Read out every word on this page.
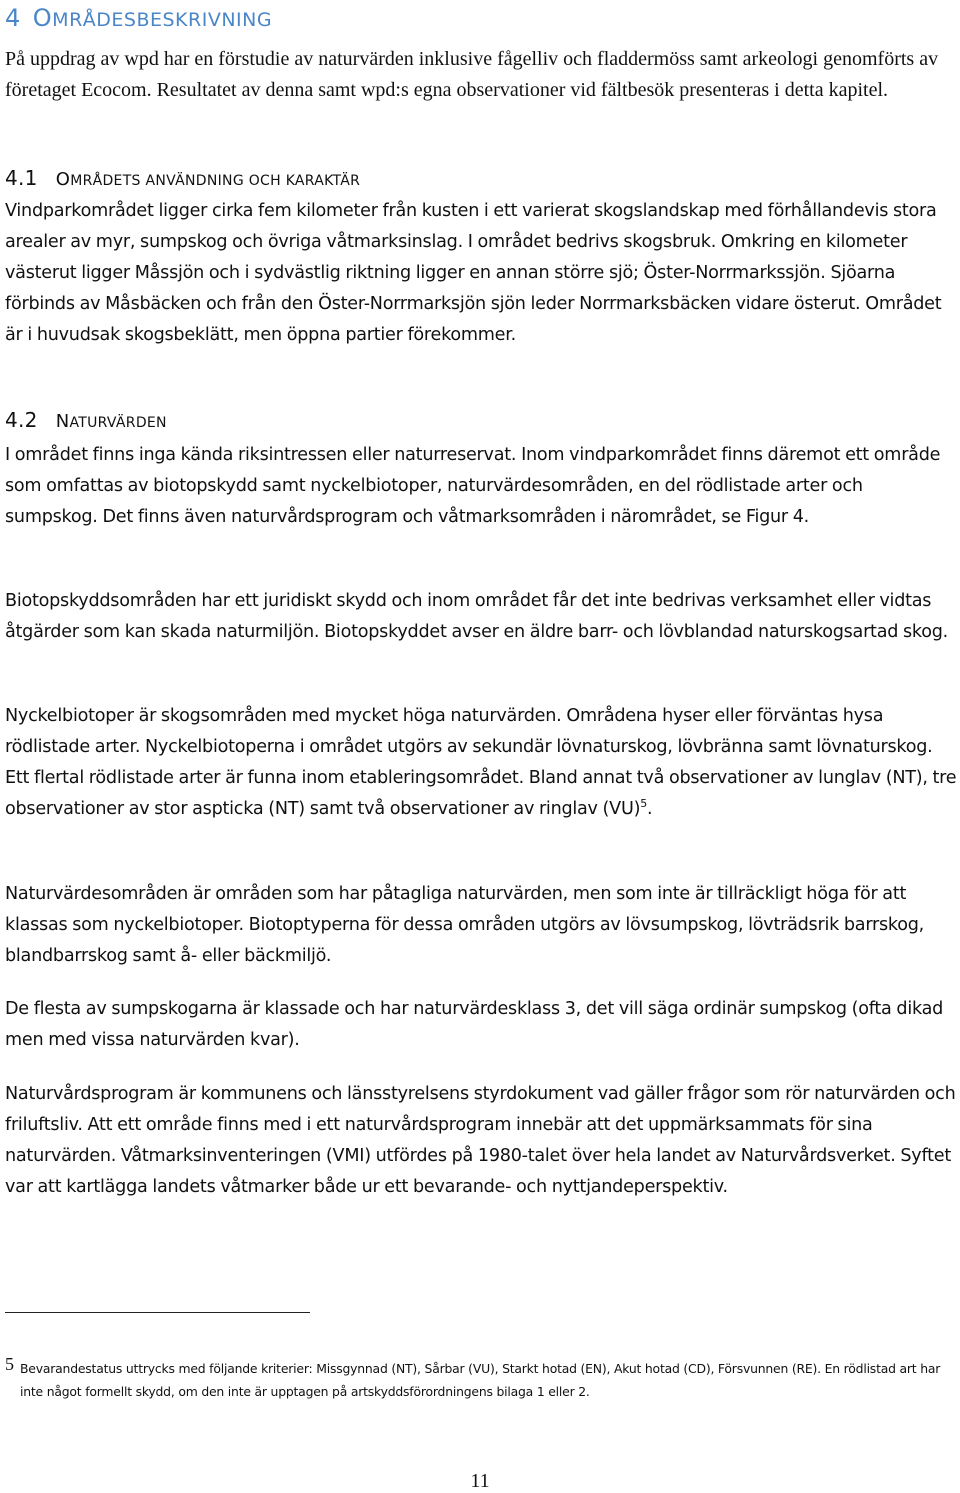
4 OMRÅDESBESKRIVNING

På uppdrag av wpd har en förstudie av naturvärden inklusive fågelliv och fladdermöss samt arkeologi genomförts av företaget Ecocom. Resultatet av denna samt wpd:s egna observationer vid fältbesök presenteras i detta kapitel.

4.1 OMRÅDETS ANVÄNDNING OCH KARAKTÄR

Vindparkområdet ligger cirka fem kilometer från kusten i ett varierat skogslandskap med förhållandevis stora arealer av myr, sumpskog och övriga våtmarksinslag. I området bedrivs skogsbruk. Omkring en kilometer västerut ligger Måssjön och i sydvästlig riktning ligger en annan större sjö; Öster-Norrmarkssjön. Sjöarna förbinds av Måsbäcken och från den Öster-Norrmarksjön sjön leder Norrmarksbäcken vidare österut. Området är i huvudsak skogsbeklätt, men öppna partier förekommer.

4.2 NATURVÄRDEN

I området finns inga kända riksintressen eller naturreservat. Inom vindparkområdet finns däremot ett område som omfattas av biotopskydd samt nyckelbiotoper, naturvärdesområden, en del rödlistade arter och sumpskog. Det finns även naturvårdsprogram och våtmarksområden i närområdet, se Figur 4.

Biotopskyddsområden har ett juridiskt skydd och inom området får det inte bedrivas verksamhet eller vidtas åtgärder som kan skada naturmiljön. Biotopskyddet avser en äldre barr- och lövblandad naturskogsartad skog.

Nyckelbiotoper är skogsområden med mycket höga naturvärden. Områdena hyser eller förväntas hysa rödlistade arter. Nyckelbiotoperna i området utgörs av sekundär lövnaturskog, lövbränna samt lövnaturskog. Ett flertal rödlistade arter är funna inom etableringsområdet. Bland annat två observationer av lunglav (NT), tre observationer av stor aspticka (NT) samt två observationer av ringlav (VU)$^5$.

Naturvärdesområden är områden som har påtagliga naturvärden, men som inte är tillräckligt höga för att klassas som nyckelbiotoper. Biotoptyperna för dessa områden utgörs av lövsumpskog, lövträdsrik barrskog, blandbarrskog samt å- eller bäckmiljö.

De flesta av sumpskogarna är klassade och har naturvärdesklass 3, det vill säga ordinär sumpskog (ofta dikad men med vissa naturvärden kvar).

Naturvårdsprogram är kommunens och länsstyrelsens styrdokument vad gäller frågor som rör naturvärden och friluftsliv. Att ett område finns med i ett naturvårdsprogram innebär att det uppmärksammats för sina naturvärden. Våtmarksinventeringen (VMI) utfördes på 1980-talet över hela landet av Naturvårdsverket. Syftet var att kartlägga landets våtmarker både ur ett bevarande- och nyttjandeperspektiv.

5 Bevarandestatus uttrycks med följande kriterier: Missgynnad (NT), Sårbar (VU), Starkt hotad (EN), Akut hotad (CD), Försvunnen (RE). En rödlistad art har inte något formellt skydd, om den inte är upptagen på artskyddsförordningens bilaga 1 eller 2.

11
